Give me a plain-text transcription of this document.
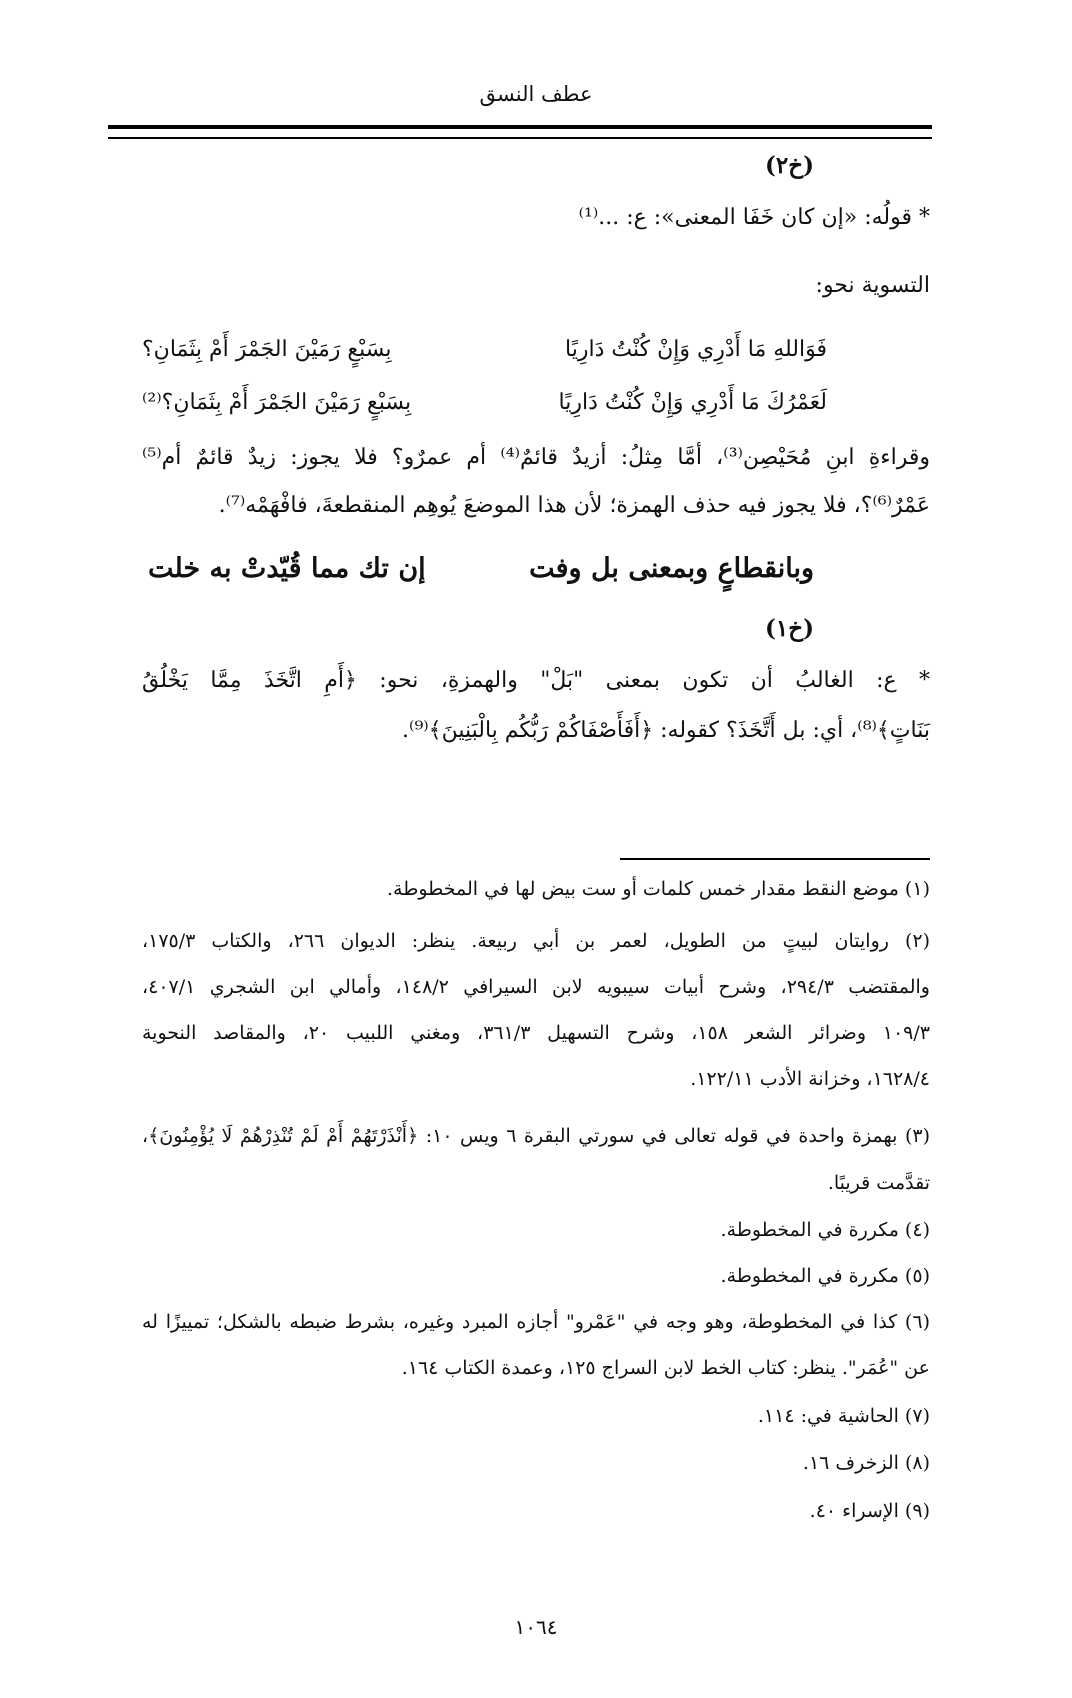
عطف النسق
(خ٢)
* قولُه: «إن كان خَفَا المعنى»: ع: ...⁽¹⁾
التسوية نحو:
فَوَاللهِ مَا أَدْرِي وَإِنْ كُنْتُ دَارِيًا
بِسَبْعٍ رَمَيْنَ الجَمْرَ أَمْ بِثَمَانِ؟
لَعَمْرُكَ مَا أَدْرِي وَإِنْ كُنْتُ دَارِيًا
بِسَبْعٍ رَمَيْنَ الجَمْرَ أَمْ بِثَمَانِ؟⁽²⁾
وقراءةِ ابنِ مُحَيْصِن⁽³⁾، أمَّا مِثلُ: أزيدٌ قائمٌ⁽⁴⁾ أم عمرٌو؟ فلا يجوز: زيدٌ قائمٌ أم⁽⁵⁾
عَمْرٌ⁽⁶⁾؟، فلا يجوز فيه حذف الهمزة؛ لأن هذا الموضعَ يُوهِم المنقطعةَ، فافْهَمْه⁽⁷⁾.
وبانقطاعٍ وبمعنى بل وفت
إن تك مما قُيّدتْ به خلت
(خ١)
* ع: الغالبُ أن تكون بمعنى "بَلْ" والهمزةِ، نحو: ﴿أَمِ اتَّخَذَ مِمَّا يَخْلُقُ
بَنَاتٍ﴾⁽⁸⁾، أي: بل أَتَّخَذَ؟ كقوله: ﴿أَفَأَصْفَاكُمْ رَبُّكُم بِالْبَنِينَ﴾⁽⁹⁾.
(١) موضع النقط مقدار خمس كلمات أو ست بيض لها في المخطوطة.
(٢) روايتان لبيتٍ من الطويل، لعمر بن أبي ربيعة. ينظر: الديوان ٢٦٦، والكتاب ١٧٥/٣،
والمقتضب ٢٩٤/٣، وشرح أبيات سيبويه لابن السيرافي ١٤٨/٢، وأمالي ابن الشجري ٤٠٧/١،
١٠٩/٣ وضرائر الشعر ١٥٨، وشرح التسهيل ٣٦١/٣، ومغني اللبيب ٢٠، والمقاصد النحوية
١٦٢٨/٤، وخزانة الأدب ١٢٢/١١.
(٣) بهمزة واحدة في قوله تعالى في سورتي البقرة ٦ ويس ١٠: ﴿أَنْذَرْتَهُمْ أَمْ لَمْ تُنْذِرْهُمْ لَا يُؤْمِنُونَ﴾،
تقدَّمت قريبًا.
(٤) مكررة في المخطوطة.
(٥) مكررة في المخطوطة.
(٦) كذا في المخطوطة، وهو وجه في "عَمْرو" أجازه المبرد وغيره، بشرط ضبطه بالشكل؛ تمييزًا له
عن "عُمَر". ينظر: كتاب الخط لابن السراج ١٢٥، وعمدة الكتاب ١٦٤.
(٧) الحاشية في: ١١٤.
(٨) الزخرف ١٦.
(٩) الإسراء ٤٠.
١٠٦٤
